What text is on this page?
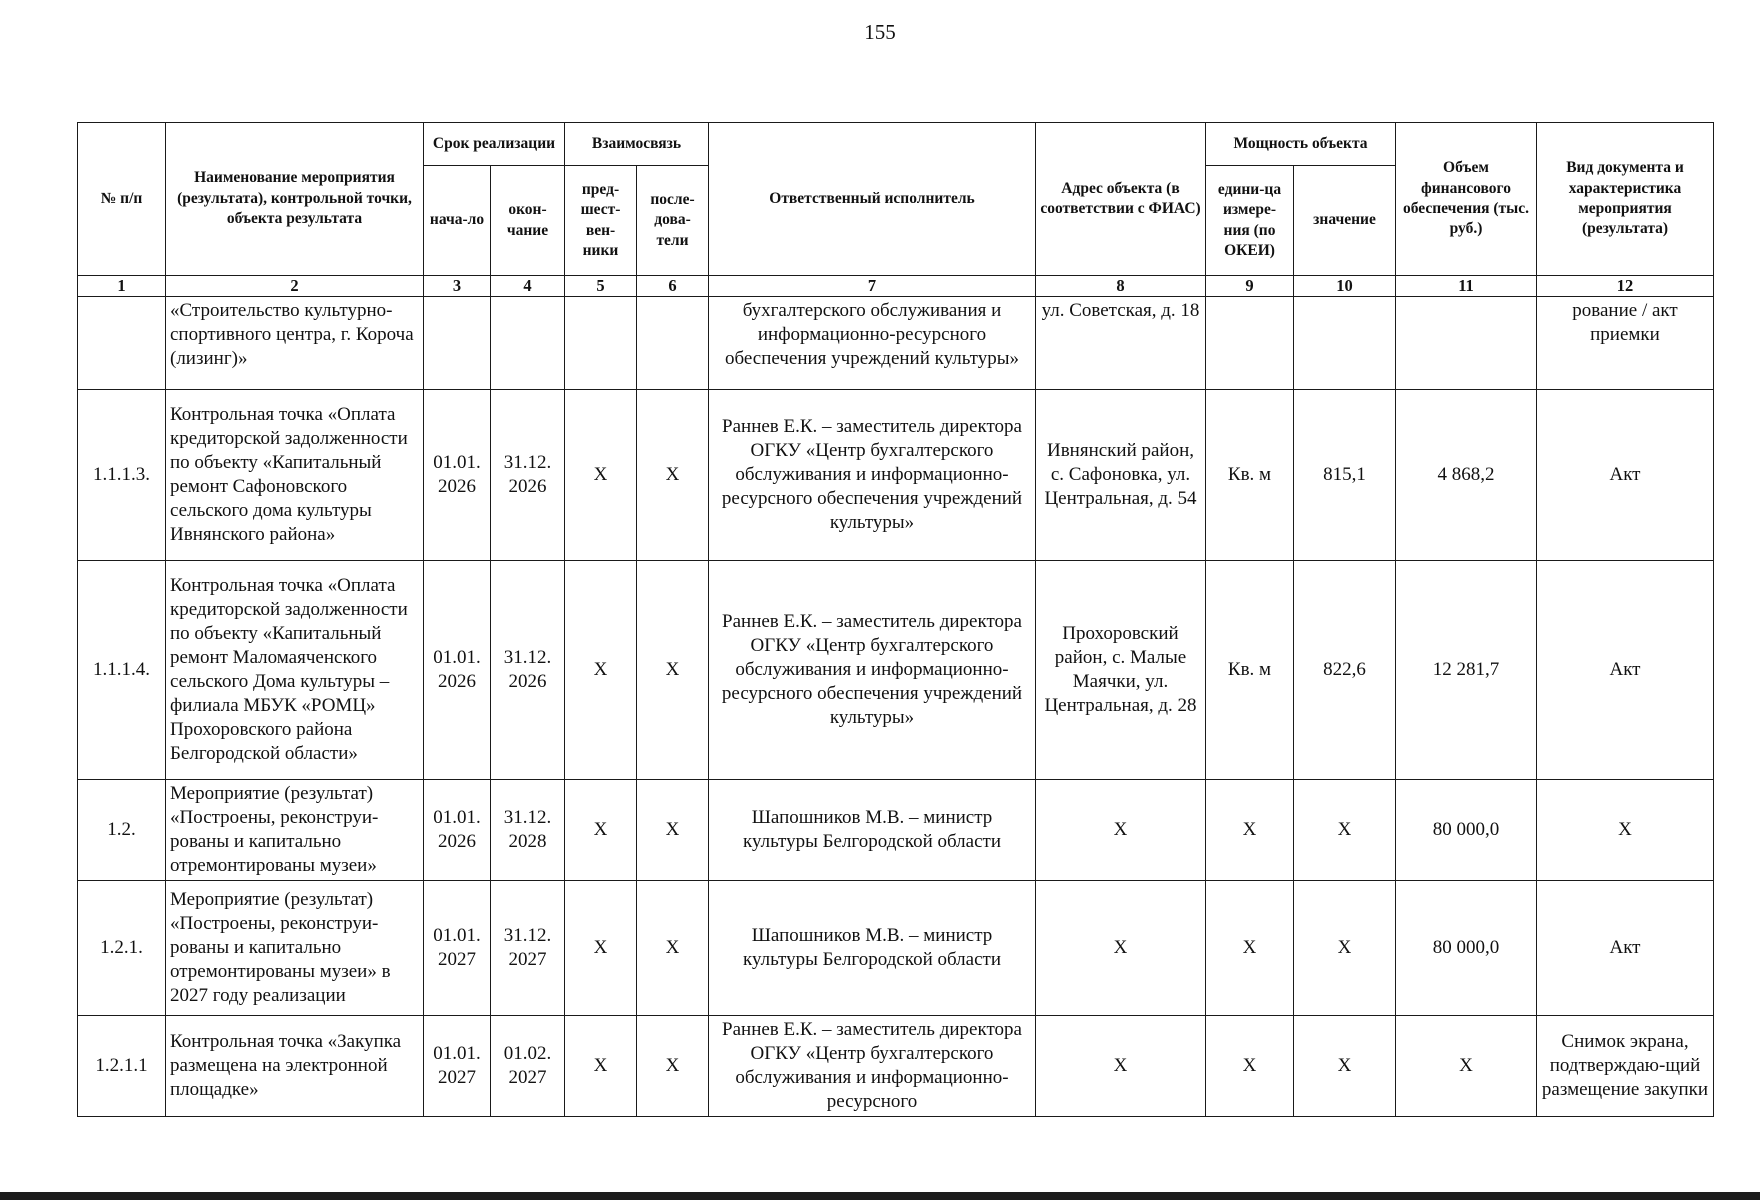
155
№ п/п	Наименование мероприятия (результата), контрольной точки, объекта результата	Срок реализации		Взаимосвязь		Ответственный исполнитель	Адрес объекта (в соответствии с ФИАС)	Мощность объекта		Объем финансового обеспечения (тыс. руб.)	Вид документа и характеристика мероприятия (результата)
		нача-ло	окон-чание	пред-шест-вен-ники	после-дова-тели			едини-ца измере-ния (по ОКЕИ)	значение		
1	2	3	4	5	6	7	8	9	10	11	12
	«Строительство культурно-спортивного центра, г. Короча (лизинг)»					бухгалтерского обслуживания и информационно-ресурсного обеспечения учреждений культуры»	ул. Советская, д. 18				рование / акт приемки
1.1.1.3.	Контрольная точка «Оплата кредиторской задолженности по объекту «Капитальный ремонт Сафоновского сельского дома культуры Ивнянского района»	01.01. 2026	31.12. 2026	X	X	Раннев Е.К. – заместитель директора ОГКУ «Центр бухгалтерского обслуживания и информационно-ресурсного обеспечения учреждений культуры»	Ивнянский район, с. Сафоновка, ул. Центральная, д. 54	Кв. м	815,1	4 868,2	Акт
1.1.1.4.	Контрольная точка «Оплата кредиторской задолженности по объекту «Капитальный ремонт Маломаяченского сельского Дома культуры – филиала МБУК «РОМЦ» Прохоровского района Белгородской области»	01.01. 2026	31.12. 2026	X	X	Раннев Е.К. – заместитель директора ОГКУ «Центр бухгалтерского обслуживания и информационно-ресурсного обеспечения учреждений культуры»	Прохоровский район, с. Малые Маячки, ул. Центральная, д. 28	Кв. м	822,6	12 281,7	Акт
1.2.	Мероприятие (результат) «Построены, реконструи-рованы и капитально отремонтированы музеи»	01.01. 2026	31.12. 2028	X	X	Шапошников М.В. – министр культуры Белгородской области	X	X	X	80 000,0	X
1.2.1.	Мероприятие (результат) «Построены, реконструи-рованы и капитально отремонтированы музеи» в 2027 году реализации	01.01. 2027	31.12. 2027	X	X	Шапошников М.В. – министр культуры Белгородской области	X	X	X	80 000,0	Акт
1.2.1.1	Контрольная точка «Закупка размещена на электронной площадке»	01.01. 2027	01.02. 2027	X	X	Раннев Е.К. – заместитель директора ОГКУ «Центр бухгалтерского обслуживания и информационно-ресурсного	X	X	X	X	Снимок экрана, подтверждаю-щий размещение закупки
